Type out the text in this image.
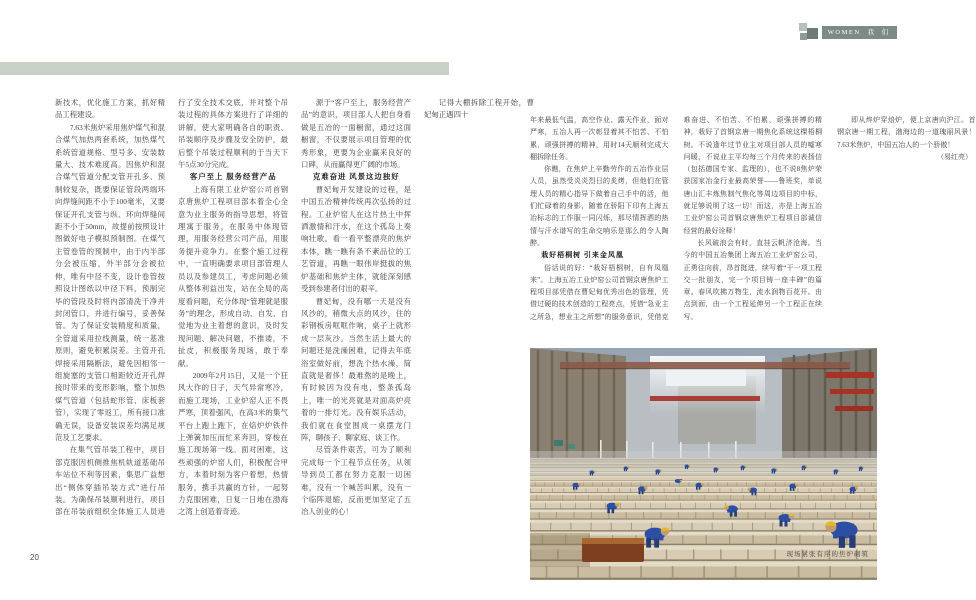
WOMEN 我 们

新技术，优化施工方案，抓好精品工程建设。

7.63米焦炉采用焦炉煤气和混合煤气加热两套系统，加热煤气系统管道规格、型号多、安装数量大、技术难度高。因焦炉和混合煤气管道分配支管开孔多、预制较复杂，既要保证管段两端环向焊缝间距不小于100毫米，又要保证开孔支管与纵、环向焊缝间距不小于50mm，故提前按照设计图做好电子模拟预制图。在煤气主管卷管的预制中，由于内半部分会被压缩，外半部分会被拉伸，唯有中径不变，设计卷管按照设计图纸以中径下料，预制完毕的管段及时将内部清洗干净并封闭管口，并进行编号，妥善保管。为了保证安装精度和质量，全管道采用拉线测量，统一基准原则，避免积累误差。主管开孔焊接采用隔断法，避免因相邻一组旋塞的支管口相距较近开孔焊接时带来的变形影响，整个加热煤气管道（包括蛇形管、床板套管），实现了零返工，所有接口准确无误，设备安装误差均满足规范及工艺要求。

在集气管吊装工程中，项目部克服因机侧推焦机轨道基础吊车站位不利等因素，集思广益想出“侧体穿插吊装方式”进行吊装。为确保吊装顺利进行，项目部在吊装前组织全体施工人员进行了安全技术交底，并对整个吊装过程的具体方案进行了详细的讲解，使大家明确各自的职责、吊装顺序及步骤及安全防护，最后整个吊装过程顺利的于当天下午5点30分完成。

客户至上 服务经营产品

上海有限工业炉窑公司首钢京唐焦炉工程项目部本着全心全意为业主服务的指导思想，将管理寓于服务，在服务中体现管理，用服务经营公司产品，用服务提升竞争力。在整个施工过程中，一直明确要求项目部管理人员以及参建员工，考虑问题必须从整体利益出发，站在全局的高度看问题，充分体现“管理就是服务”的理念，形成自动、自发、自觉地为业主着想的意识，及时发现问题、解决问题，不推诿，不扯皮，积极服务现场，敢于奉献。

2009年2月15日，又是一个狂风大作的日子，天气异常寒冷，而施工现场，工业炉窑人正不畏严寒，顶着强风，在高3米的集气平台上跑上跑下，在焙炉炉铁件上弹簧加压而忙来奔回，穿梭在施工现场第一线。面对困难，这些顽强的炉窑人们，积极配合甲方，本着时刻为客户着想，热情服务，携手共赢的方针，一起努力克服困难，日复一日地在渤海之湾上创造着奇迹。

源于“客户至上，服务经营产品”的意识，项目部人人把自身看做是五冶的一面橱窗，通过这面橱窗，不仅要展示项目管理的优秀形象，更要为企业赢来良好的口碑，从而赢得更广阔的市场。

克难奋进 风景这边独好

曹妃甸开发建设的过程，是中国五冶精神传统再次弘扬的过程。工业炉窑人在这片热土中挥洒激情和汗水，在这个孤岛上奏响壮歌。看一看平整漂亮的焦炉本体，瞧一瞧有条不紊品位的工艺管道，再瞧一眼伟岸挺拔的焦炉基础和焦炉主体，就能深刻感受到参建者付出的艰辛。

曹妃甸，没有哪一天是没有风沙的，稍微大点的风沙，住的彩钢板房哐哐作响，桌子上就形成一层灰沙。当然生活上最大的问题还是洗澡困难，记得去年底浴室做好前，想洗个热水澡，简直就是奢侈！最难熬的是晚上，有时候因为没有电，整条孤岛上，唯一的光亮就是对面高炉亮着的一排灯光。没有娱乐活动，我们就在食堂围成一桌摆龙门阵，聊孩子、聊家庭、谈工作。

尽管条件艰苦，可为了顺利完成每一个工程节点任务，从领导到员工都在努力克服一切困难，没有一个喊苦叫累，没有一个临阵退缩，反而更加坚定了五冶人创业的心！

记得大棚拆除工程开始，曹妃甸正遇四十

年来最低气温，高空作业、露天作业，面对严寒，五冶人再一次彰显着其不怕苦、不怕累、顽强拼搏的精神，用时14天顺利完成大棚拆除任务。

你瞧，在焦炉上辛勤劳作的五冶作业层人员，虽然受炎炎烈日的炙烤，但他们在管理人员的精心指导下做着自己手中的活，他们忙碌着的身影，随着在骄阳下印有上海五冶标志的工作服一同闪烁，那尽情挥洒的热情与汗水谱写的生命交响乐是那么的令人陶醉。

栽好梧桐树 引来金凤凰

俗话说的好：“栽好梧桐树，自有凤凰来”。上海五冶工业炉窑公司首钢京唐焦炉工程项目部凭借在曹妃甸优秀出色的管理，凭借过硬的技术创造的工程亮点，凭借“急业主之所急，想业主之所想”的服务意识，凭借克难奋进、不怕苦、不怕累、顽强拼搏的精神，栽好了首钢京唐一期焦化系统这棵梧桐树。不说逢年过节业主对项目部人员的嘘寒问暖，不说业主平均每三个月传来的表扬信（包括德国专家、监理的），也不说8焦炉荣获国家冶金行业最高荣誉——鲁班奖，单说唐山汇丰炼焦制气焦化等周边项目的中标，就足够说明了这一切！而这，亦是上海五冶工业炉窑公司首钢京唐焦炉工程项目部诚信经营的最好诠释！

长风破浪会有时，直挂云帆济沧海。当今的中国五冶集团上海五冶工业炉窑公司，正勇往向前，昂首挺进，续写着“干一项工程交一批朋友，完一个项目铸一座丰碑”的篇章。春风吹拂万物生，流水润物百花开。由点到面，由一个工程延伸另一个工程正在续写。

即从焠炉穿焙炉，便上京唐向沪江。首钢京唐一期工程，渤海边的一道瑰丽风景！7.63米焦炉，中国五冶人的一个骄傲！

（易红亮）

现场紧张有序的焦炉砌筑
20
